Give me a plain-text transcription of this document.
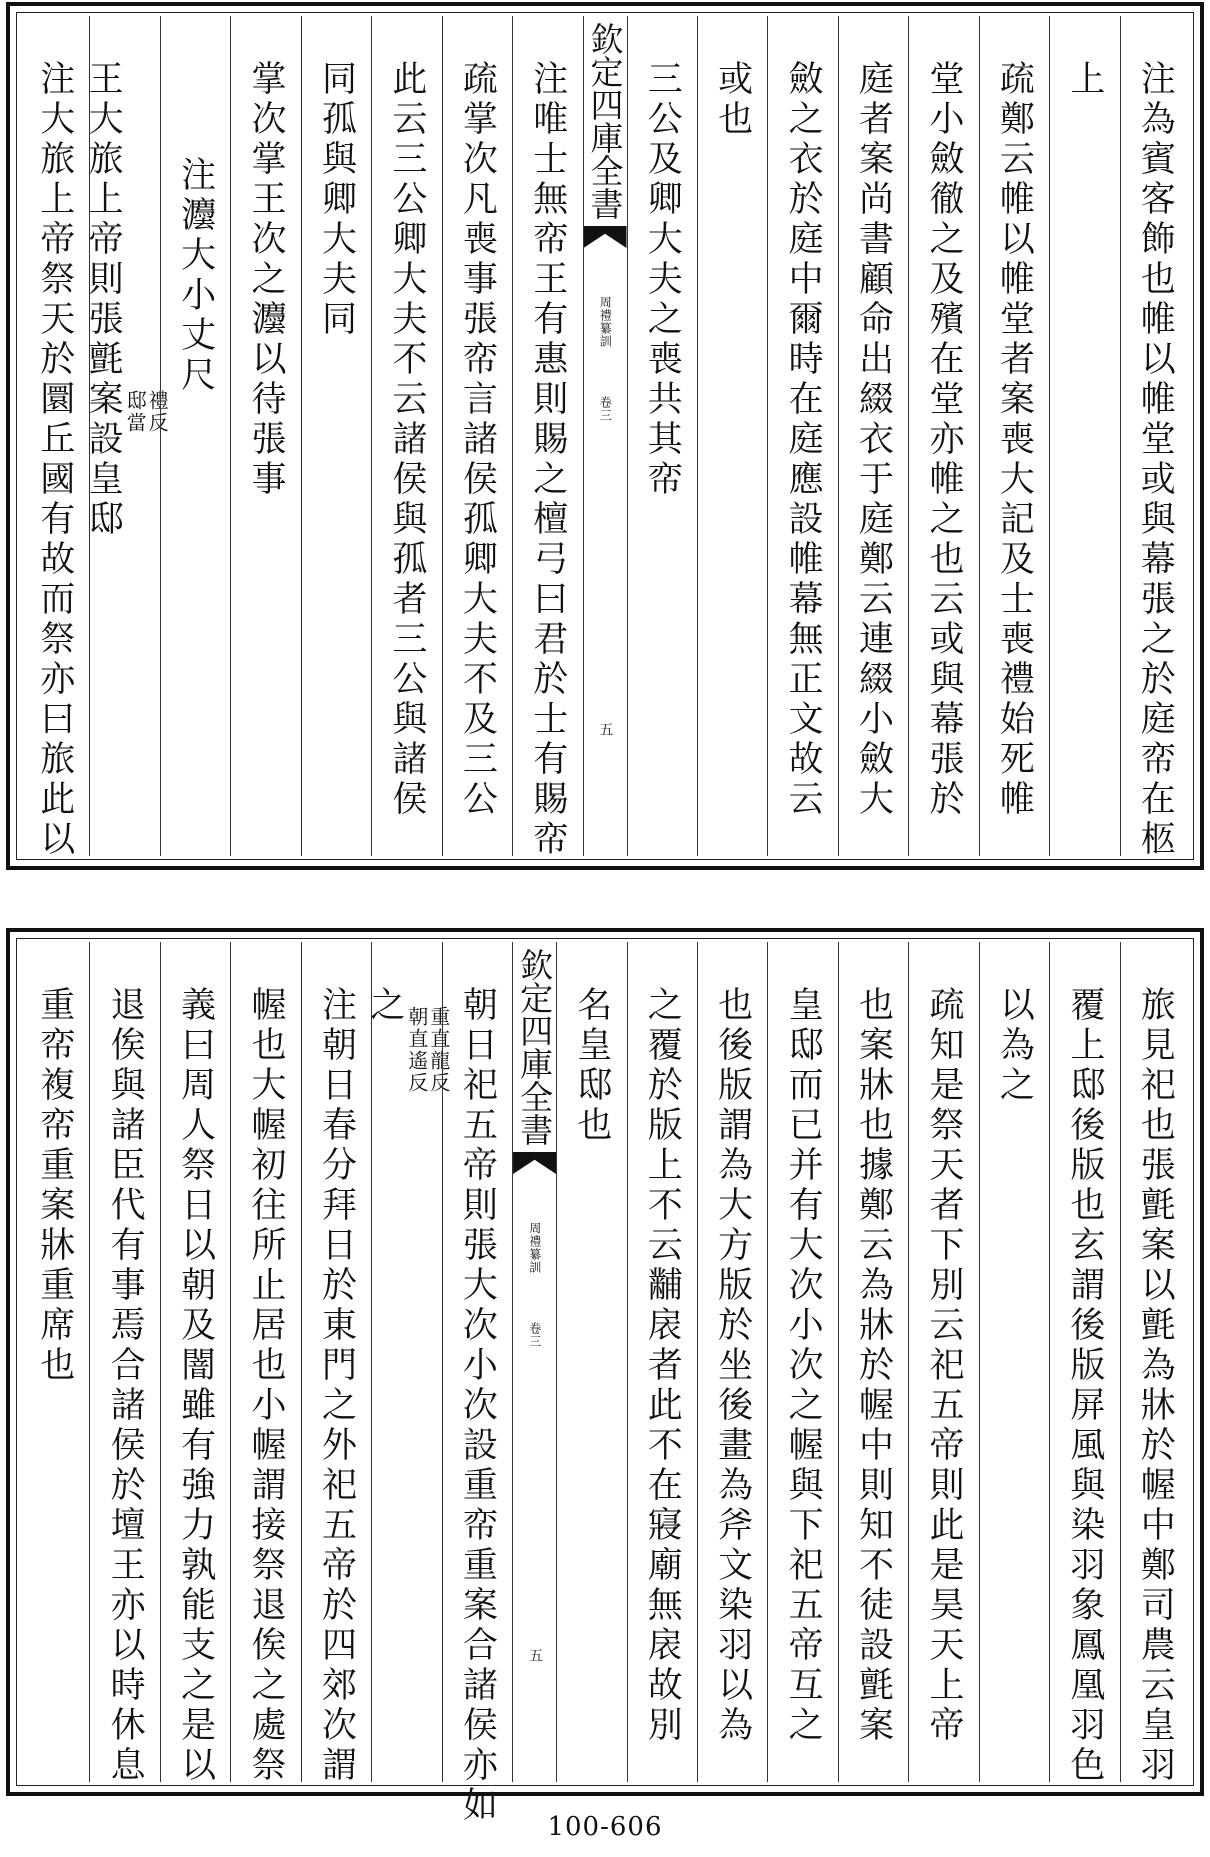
注為賓客飾也帷以帷堂或與幕張之於庭帟在柩
上
疏鄭云帷以帷堂者案喪大記及士喪禮始死帷
堂小斂徹之及殯在堂亦帷之也云或與幕張於
庭者案尚書顧命出綴衣于庭鄭云連綴小斂大
斂之衣於庭中爾時在庭應設帷幕無正文故云
或也
三公及卿大夫之喪共其帟
欽定四庫全書
周禮纂訓
卷三
五
注唯士無帟王有惠則賜之檀弓曰君於士有賜帟
疏掌次凡喪事張帟言諸侯孤卿大夫不及三公
此云三公卿大夫不云諸侯與孤者三公與諸侯
同孤與卿大夫同
掌次掌王次之灋以待張事
注灋大小丈尺
王大旅上帝則張氈案設皇邸 邸當
禮反
注大旅上帝祭天於圜丘國有故而祭亦曰旅此以
旅見祀也張氈案以氈為牀於幄中鄭司農云皇羽
覆上邸後版也玄謂後版屏風與染羽象鳳凰羽色
以為之
疏知是祭天者下別云祀五帝則此是昊天上帝
也案牀也據鄭云為牀於幄中則知不徒設氈案
皇邸而已并有大次小次之幄與下祀五帝互之
也後版謂為大方版於坐後畫為斧文染羽以為
之覆於版上不云黼扆者此不在寢廟無扆故別
名皇邸也
欽定四庫全書
周禮纂訓
卷三
五
朝日祀五帝則張大次小次設重帟重案合諸侯亦如
之 朝直遙反
重直龍反
注朝日春分拜日於東門之外祀五帝於四郊次謂
幄也大幄初往所止居也小幄謂接祭退俟之處祭
義曰周人祭日以朝及闇雖有強力孰能支之是以
退俟與諸臣代有事焉合諸侯於壇王亦以時休息
重帟複帟重案牀重席也
100-606
